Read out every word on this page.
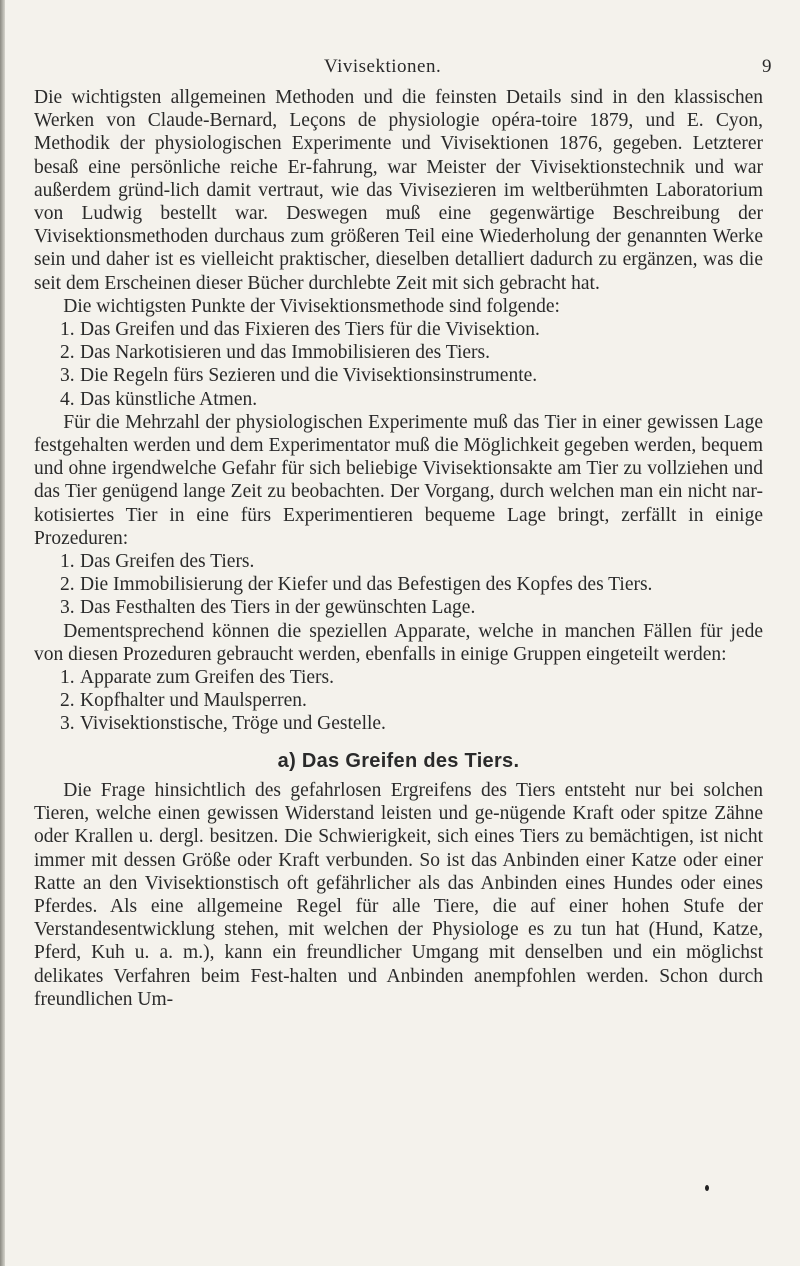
Vivisektionen.	9

Die wichtigsten allgemeinen Methoden und die feinsten Details sind in den klassischen Werken von Claude-Bernard, Leçons de physiologie opéra-toire 1879, und E. Cyon, Methodik der physiologischen Experimente und Vivisektionen 1876, gegeben. Letzterer besaß eine persönliche reiche Er-fahrung, war Meister der Vivisektionstechnik und war außerdem gründ-lich damit vertraut, wie das Vivisezieren im weltberühmten Laboratorium von Ludwig bestellt war. Deswegen muß eine gegenwärtige Beschreibung der Vivisektionsmethoden durchaus zum größeren Teil eine Wiederholung der genannten Werke sein und daher ist es vielleicht praktischer, dieselben detalliert dadurch zu ergänzen, was die seit dem Erscheinen dieser Bücher durchlebte Zeit mit sich gebracht hat.

Die wichtigsten Punkte der Vivisektionsmethode sind folgende:

1. Das Greifen und das Fixieren des Tiers für die Vivisektion.
2. Das Narkotisieren und das Immobilisieren des Tiers.
3. Die Regeln fürs Sezieren und die Vivisektionsinstrumente.
4. Das künstliche Atmen.

Für die Mehrzahl der physiologischen Experimente muß das Tier in einer gewissen Lage festgehalten werden und dem Experimentator muß die Möglichkeit gegeben werden, bequem und ohne irgendwelche Gefahr für sich beliebige Vivisektionsakte am Tier zu vollziehen und das Tier genügend lange Zeit zu beobachten. Der Vorgang, durch welchen man ein nicht nar-kotisiertes Tier in eine fürs Experimentieren bequeme Lage bringt, zerfällt in einige Prozeduren:

1. Das Greifen des Tiers.
2. Die Immobilisierung der Kiefer und das Befestigen des Kopfes des Tiers.
3. Das Festhalten des Tiers in der gewünschten Lage.

Dementsprechend können die speziellen Apparate, welche in manchen Fällen für jede von diesen Prozeduren gebraucht werden, ebenfalls in einige Gruppen eingeteilt werden:

1. Apparate zum Greifen des Tiers.
2. Kopfhalter und Maulsperren.
3. Vivisektionstische, Tröge und Gestelle.
a) Das Greifen des Tiers.

Die Frage hinsichtlich des gefahrlosen Ergreifens des Tiers entsteht nur bei solchen Tieren, welche einen gewissen Widerstand leisten und ge-nügende Kraft oder spitze Zähne oder Krallen u. dergl. besitzen. Die Schwierigkeit, sich eines Tiers zu bemächtigen, ist nicht immer mit dessen Größe oder Kraft verbunden. So ist das Anbinden einer Katze oder einer Ratte an den Vivisektionstisch oft gefährlicher als das Anbinden eines Hundes oder eines Pferdes. Als eine allgemeine Regel für alle Tiere, die auf einer hohen Stufe der Verstandesentwicklung stehen, mit welchen der Physiologe es zu tun hat (Hund, Katze, Pferd, Kuh u. a. m.), kann ein freundlicher Umgang mit denselben und ein möglichst delikates Verfahren beim Fest-halten und Anbinden anempfohlen werden. Schon durch freundlichen Um-
